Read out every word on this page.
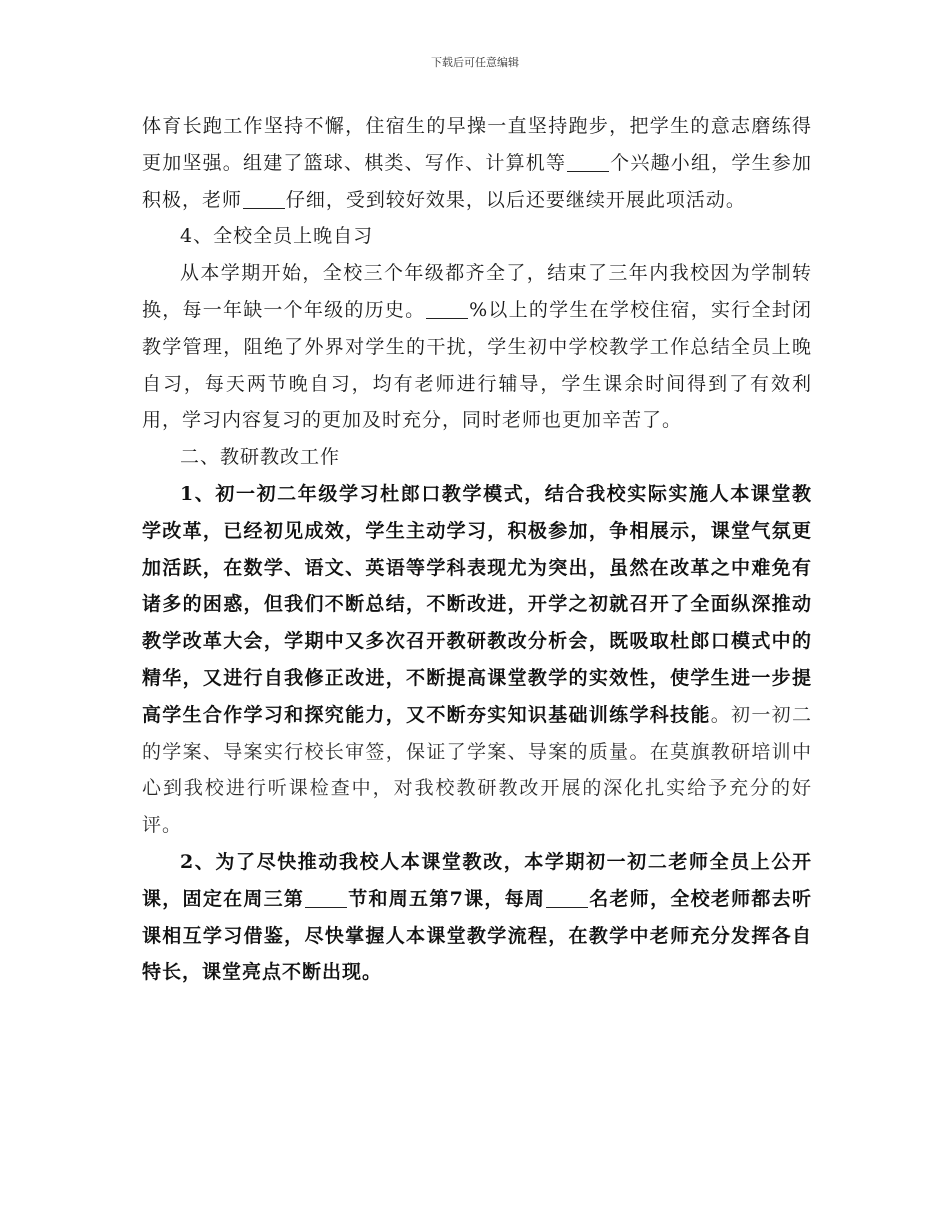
下载后可任意编辑

体育长跑工作坚持不懈，住宿生的早操一直坚持跑步，把学生的意志磨练得更加坚强。组建了篮球、棋类、写作、计算机等 个兴趣小组，学生参加积极，老师 仔细，受到较好效果，以后还要继续开展此项活动。

4、全校全员上晚自习

从本学期开始，全校三个年级都齐全了，结束了三年内我校因为学制转换，每一年缺一个年级的历史。 %以上的学生在学校住宿，实行全封闭教学管理，阻绝了外界对学生的干扰，学生初中学校教学工作总结全员上晚自习，每天两节晚自习，均有老师进行辅导，学生课余时间得到了有效利用，学习内容复习的更加及时充分，同时老师也更加辛苦了。

二、教研教改工作

1、初一初二年级学习杜郎口教学模式，结合我校实际实施人本课堂教学改革，已经初见成效，学生主动学习，积极参加，争相展示，课堂气氛更加活跃，在数学、语文、英语等学科表现尤为突出，虽然在改革之中难免有诸多的困惑，但我们不断总结，不断改进，开学之初就召开了全面纵深推动教学改革大会，学期中又多次召开教研教改分析会，既吸取杜郎口模式中的精华，又进行自我修正改进，不断提高课堂教学的实效性，使学生进一步提高学生合作学习和探究能力，又不断夯实知识基础训练学科技能。初一初二的学案、导案实行校长审签，保证了学案、导案的质量。在莫旗教研培训中心到我校进行听课检查中，对我校教研教改开展的深化扎实给予充分的好评。

2、为了尽快推动我校人本课堂教改，本学期初一初二老师全员上公开课，固定在周三第 节和周五第7课，每周 名老师，全校老师都去听课相互学习借鉴，尽快掌握人本课堂教学流程，在教学中老师充分发挥各自特长，课堂亮点不断出现。
